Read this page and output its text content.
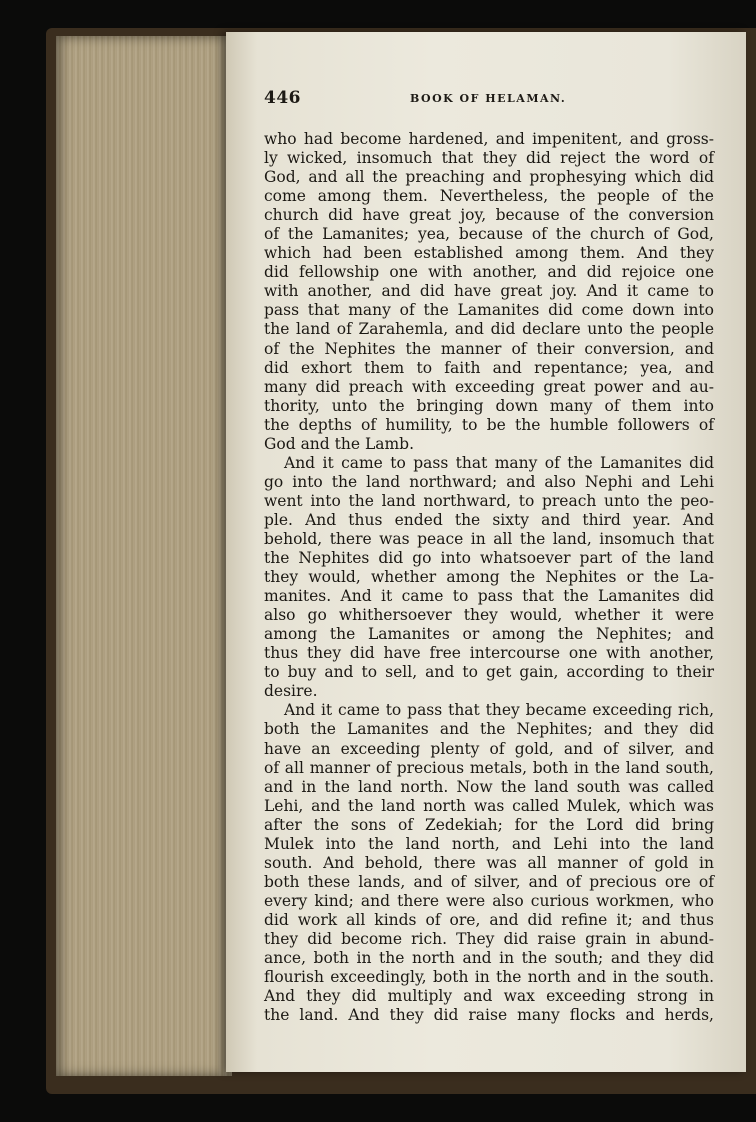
446	BOOK OF HELAMAN.
who had become hardened, and impenitent, and gross-
ly wicked, insomuch that they did reject the word of
God, and all the preaching and prophesying which did
come among them. Nevertheless, the people of the
church did have great joy, because of the conversion
of the Lamanites; yea, because of the church of God,
which had been established among them. And they
did fellowship one with another, and did rejoice one
with another, and did have great joy. And it came to
pass that many of the Lamanites did come down into
the land of Zarahemla, and did declare unto the people
of the Nephites the manner of their conversion, and
did exhort them to faith and repentance; yea, and
many did preach with exceeding great power and au-
thority, unto the bringing down many of them into
the depths of humility, to be the humble followers of
God and the Lamb.
And it came to pass that many of the Lamanites did
go into the land northward; and also Nephi and Lehi
went into the land northward, to preach unto the peo-
ple. And thus ended the sixty and third year. And
behold, there was peace in all the land, insomuch that
the Nephites did go into whatsoever part of the land
they would, whether among the Nephites or the La-
manites. And it came to pass that the Lamanites did
also go whithersoever they would, whether it were
among the Lamanites or among the Nephites; and
thus they did have free intercourse one with another,
to buy and to sell, and to get gain, according to their
desire.
And it came to pass that they became exceeding rich,
both the Lamanites and the Nephites; and they did
have an exceeding plenty of gold, and of silver, and
of all manner of precious metals, both in the land south,
and in the land north. Now the land south was called
Lehi, and the land north was called Mulek, which was
after the sons of Zedekiah; for the Lord did bring
Mulek into the land north, and Lehi into the land
south. And behold, there was all manner of gold in
both these lands, and of silver, and of precious ore of
every kind; and there were also curious workmen, who
did work all kinds of ore, and did refine it; and thus
they did become rich. They did raise grain in abund-
ance, both in the north and in the south; and they did
flourish exceedingly, both in the north and in the south.
And they did multiply and wax exceeding strong in
the land. And they did raise many flocks and herds,
